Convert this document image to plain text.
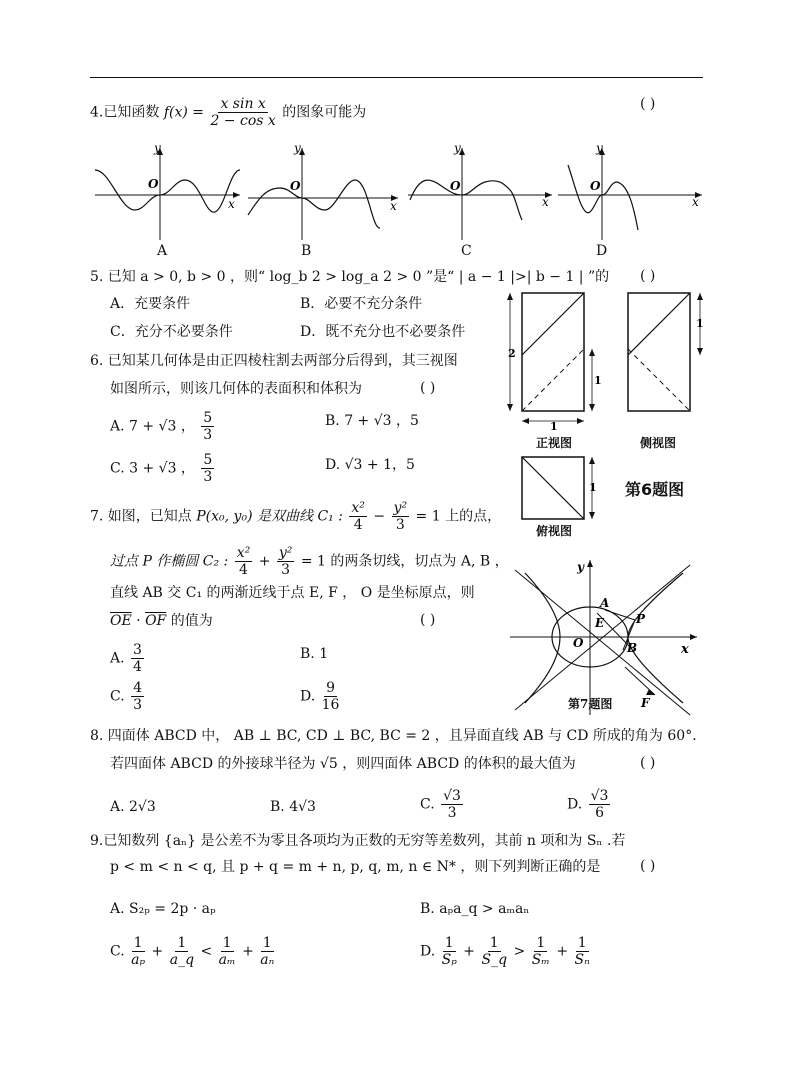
4.已知函数 $f(x) = \frac{\text{x sin x}}{\text{2 − cos x}}$ 的图象可能为
( )
x
y
O
x
y
O
x
y
O
x
y
O
A	B	C	D
5. 已知 a > 0, b > 0 ，则“ log_b 2 > log_a 2 > 0 ”是“ | a − 1 |>| b − 1 | ”的 ( )
A．充要条件	B．必要不充分条件
C．充分不必要条件	D．既不充分也不必要条件
6. 已知某几何体是由正四棱柱割去两部分后得到，其三视图
如图所示，则该几何体的表面积和体积为	( )
A. 7 + √3 ， $\frac{5}{3}$	B. 7 + √3 ，5
C. 3 + √3 ， $\frac{5}{3}$	D. √3 + 1，5
2
1
1
1
1
正视图	侧视图
俯视图
第6题图
7. 如图，已知点 P(x₀, y₀) 是双曲线 C₁ : $\frac{\text{x²}}{4} - \frac{\text{y²}}{3} = 1$ 上的点，
过点 P 作椭圆 C₂ : $\frac{\text{x²}}{4} + \frac{\text{y²}}{3} = 1$ 的两条切线，切点为 A, B ，
直线 AB 交 C₁ 的两渐近线于点 E, F ， O 是坐标原点，则
$\overline{OE} \cdot \overline{OF}$ 的值为	( )
A. $\frac{3}{4}$	B. 1
C. $\frac{4}{3}$	D. $\frac{9}{16}$
y
x
A
E	P
O	B
F
第7题图
8. 四面体 ABCD 中， AB ⊥ BC, CD ⊥ BC, BC = 2 ，且异面直线 AB 与 CD 所成的角为 60°．
若四面体 ABCD 的外接球半径为 √5 ，则四面体 ABCD 的体积的最大值为	( )
A. 2√3	B. 4√3	C. $\frac{√3}{3}$	D. $\frac{√3}{6}$
9.已知数列 {aₙ} 是公差不为零且各项均为正数的无穷等差数列，其前 n 项和为 Sₙ .若
p < m < n < q, 且 p + q = m + n, p, q, m, n ∈ N* ，则下列判断正确的是	( )
A. S₂ₚ = 2p · aₚ	B. aₚa_q > aₘaₙ
C. $\frac{1}{\text{aₚ}} + \frac{1}{a\_q} < \frac{1}{\text{aₘ}} + \frac{1}{\text{aₙ}}$	D. $\frac{1}{\text{Sₚ}} + \frac{1}{S\_q} > \frac{1}{\text{Sₘ}} + \frac{1}{\text{Sₙ}}$
